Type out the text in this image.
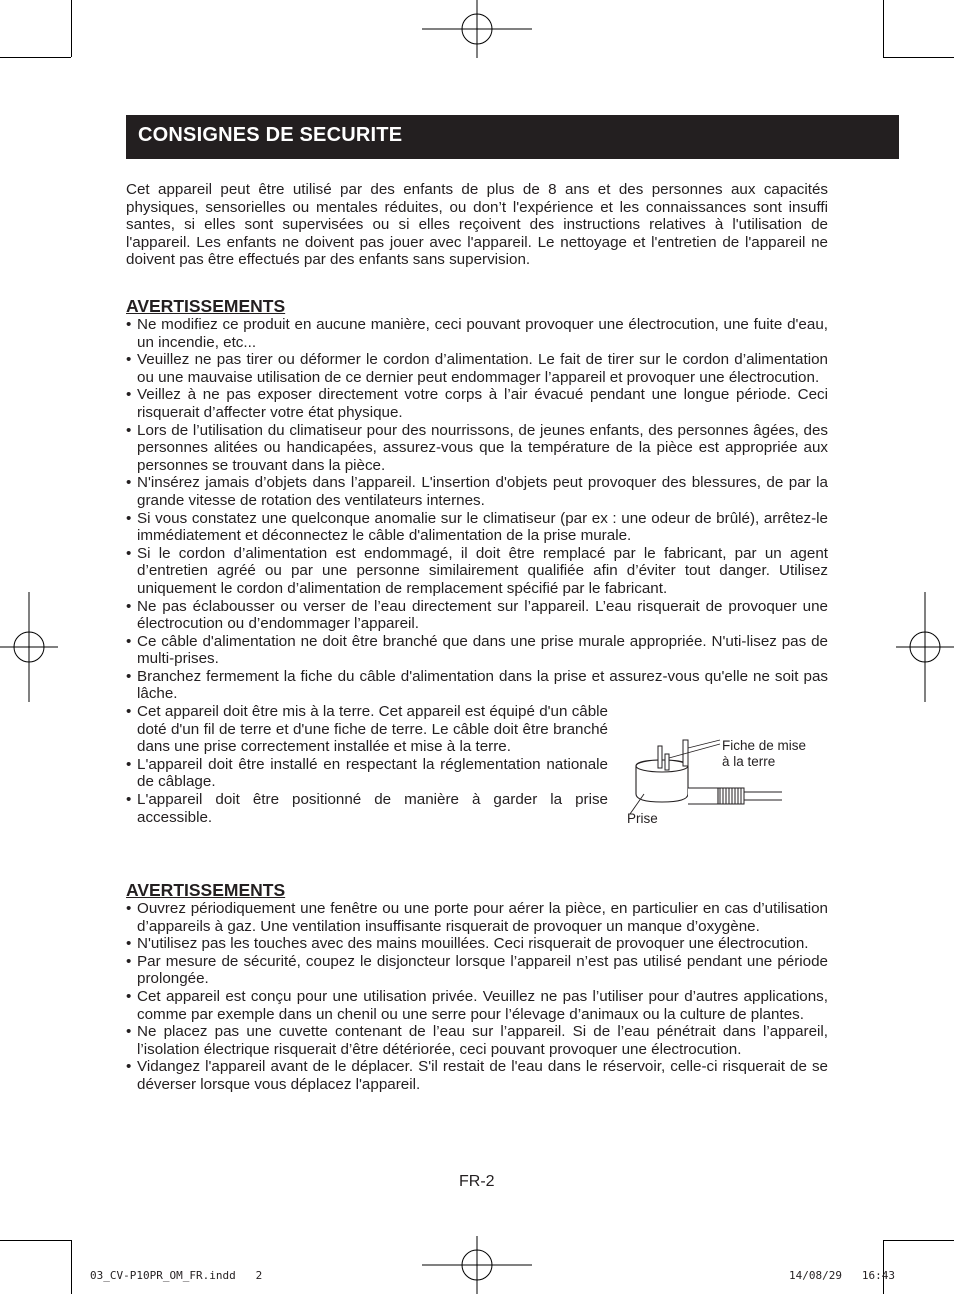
CONSIGNES DE SECURITE
Cet appareil peut être utilisé par des enfants de plus de 8 ans et des personnes aux capacités physiques, sensorielles ou mentales réduites, ou don’t l'expérience et les connaissances sont insuffi santes, si elles sont supervisées ou si elles reçoivent des instructions relatives à l'utilisation de l'appareil. Les enfants ne doivent pas jouer avec l'appareil. Le nettoyage et l'entretien de l'appareil ne doivent pas être effectués par des enfants sans supervision.
AVERTISSEMENTS
• Ne modifiez ce produit en aucune manière, ceci pouvant provoquer une électrocution, une fuite d'eau, un incendie, etc...
• Veuillez ne pas tirer ou déformer le cordon d’alimentation. Le fait de tirer sur le cordon d’alimentation ou une mauvaise utilisation de ce dernier peut endommager l’appareil et provoquer une électrocution.
• Veillez à ne pas exposer directement votre corps à l’air évacué pendant une longue période. Ceci risquerait d’affecter votre état physique.
• Lors de l’utilisation du climatiseur pour des nourrissons, de jeunes enfants, des personnes âgées, des personnes alitées ou handicapées, assurez-vous que la température de la pièce est appropriée aux personnes se trouvant dans la pièce.
• N'insérez jamais d’objets dans l’appareil. L'insertion d'objets peut provoquer des blessures, de par la grande vitesse de rotation des ventilateurs internes.
• Si vous constatez une quelconque anomalie sur le climatiseur (par ex : une odeur de brûlé), arrêtez-le immédiatement et déconnectez le câble d'alimentation de la prise murale.
• Si le cordon d’alimentation est endommagé, il doit être remplacé par le fabricant, par un agent d’entretien agréé ou par une personne similairement qualifiée afin d’éviter tout danger. Utilisez uniquement le cordon d’alimentation de remplacement spécifié par le fabricant.
• Ne pas éclabousser ou verser de l’eau directement sur l’appareil. L’eau risquerait de provoquer une électrocution ou d’endommager l’appareil.
• Ce câble d'alimentation ne doit être branché que dans une prise murale appropriée. N'uti-lisez pas de multi-prises.
• Branchez fermement la fiche du câble d'alimentation dans la prise et assurez-vous qu'elle ne soit pas lâche.
• Cet appareil doit être mis à la terre. Cet appareil est équipé d'un câble doté d'un fil de terre et d'une fiche de terre. Le câble doit être branché dans une prise correctement installée et mise à la terre.
• L'appareil doit être installé en respectant la réglementation nationale de câblage.
• L'appareil doit être positionné de manière à garder la prise accessible.
Fiche de mise
à la terre
Prise
AVERTISSEMENTS
• Ouvrez périodiquement une fenêtre ou une porte pour aérer la pièce, en particulier en cas d’utilisation d’appareils à gaz. Une ventilation insuffisante risquerait de provoquer un manque d’oxygène.
• N'utilisez pas les touches avec des mains mouillées. Ceci risquerait de provoquer une électrocution.
• Par mesure de sécurité, coupez le disjoncteur lorsque l’appareil n’est pas utilisé pendant une période prolongée.
• Cet appareil est conçu pour une utilisation privée. Veuillez ne pas l’utiliser pour d’autres applications, comme par exemple dans un chenil ou une serre pour l’élevage d’animaux ou la culture de plantes.
• Ne placez pas une cuvette contenant de l’eau sur l’appareil. Si de l’eau pénétrait dans l’appareil, l’isolation électrique risquerait d’être détériorée, ceci pouvant provoquer une électrocution.
• Vidangez l'appareil avant de le déplacer. S'il restait de l'eau dans le réservoir, celle-ci risquerait de se déverser lorsque vous déplacez l'appareil.
FR-2
03_CV-P10PR_OM_FR.indd   2	14/08/29   16:43
